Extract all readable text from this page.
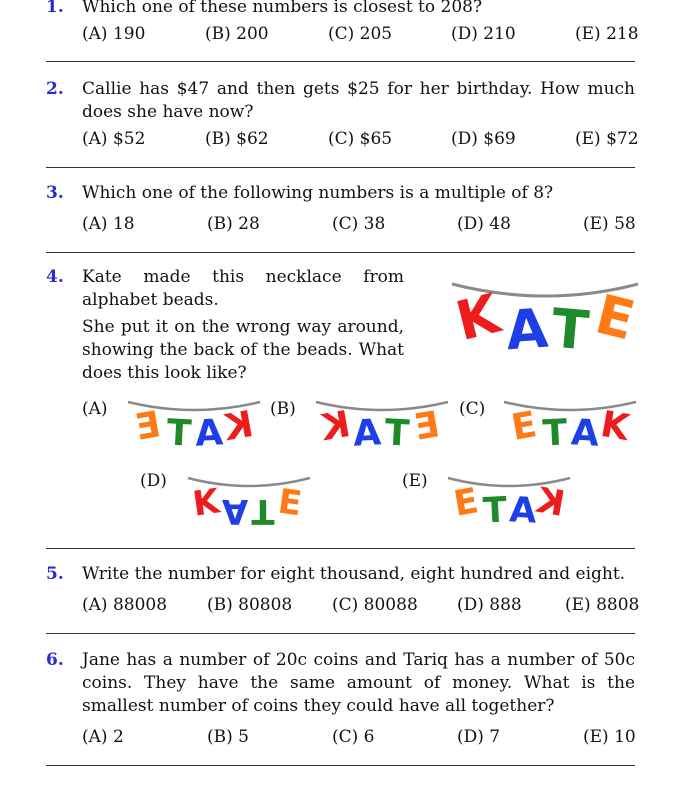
1. Which one of these numbers is closest to 208?

(A) 190	(B) 200	(C) 205	(D) 210	(E) 218
2. Callie has $47 and then gets $25 for her birthday. How much does she have now?

(A) $52	(B) $62	(C) $65	(D) $69	(E) $72
3. Which one of the following numbers is a multiple of 8?

(A) 18	(B) 28	(C) 38	(D) 48	(E) 58
4. Kate made this necklace from alphabet beads.

She put it on the wrong way around, showing the back of the beads. What does this look like?

K
A
T
E
(A) E T A
K (B) K
A T E (C) E T A
K
(D)
K A T E
(E)
E T A
K
5. Write the number for eight thousand, eight hundred and eight.

(A) 88008 (B) 80808 (C) 80088 (D) 888	(E) 8808
6. Jane has a number of 20c coins and Tariq has a number of 50c coins. They have the same amount of money. What is the smallest number of coins they could have all together?

(A) 2	(B) 5	(C) 6	(D) 7	(E) 10
